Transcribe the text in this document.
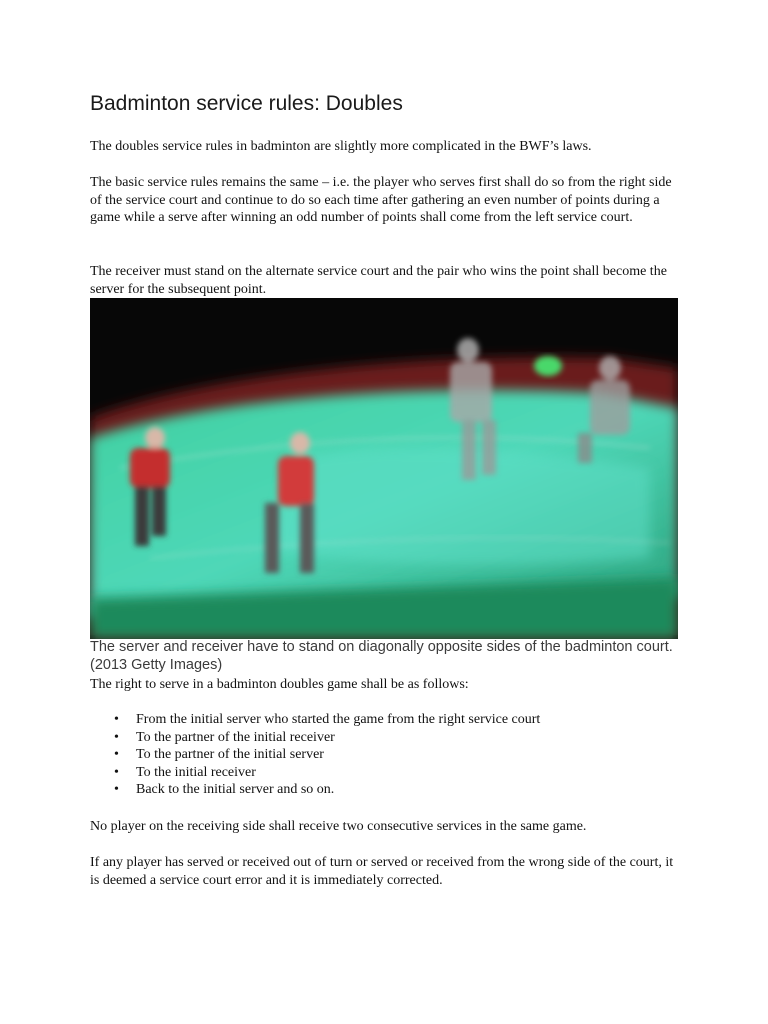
Badminton service rules: Doubles

The doubles service rules in badminton are slightly more complicated in the BWF’s laws.

The basic service rules remains the same – i.e. the player who serves first shall do so from the right side of the service court and continue to do so each time after gathering an even number of points during a game while a serve after winning an odd number of points shall come from the left service court.

The receiver must stand on the alternate service court and the pair who wins the point shall become the server for the subsequent point.

The server and receiver have to stand on diagonally opposite sides of the badminton court. (2013 Getty Images)

The right to serve in a badminton doubles game shall be as follows:

• From the initial server who started the game from the right service court
• To the partner of the initial receiver
• To the partner of the initial server
• To the initial receiver
• Back to the initial server and so on.

No player on the receiving side shall receive two consecutive services in the same game.

If any player has served or received out of turn or served or received from the wrong side of the court, it is deemed a service court error and it is immediately corrected.
